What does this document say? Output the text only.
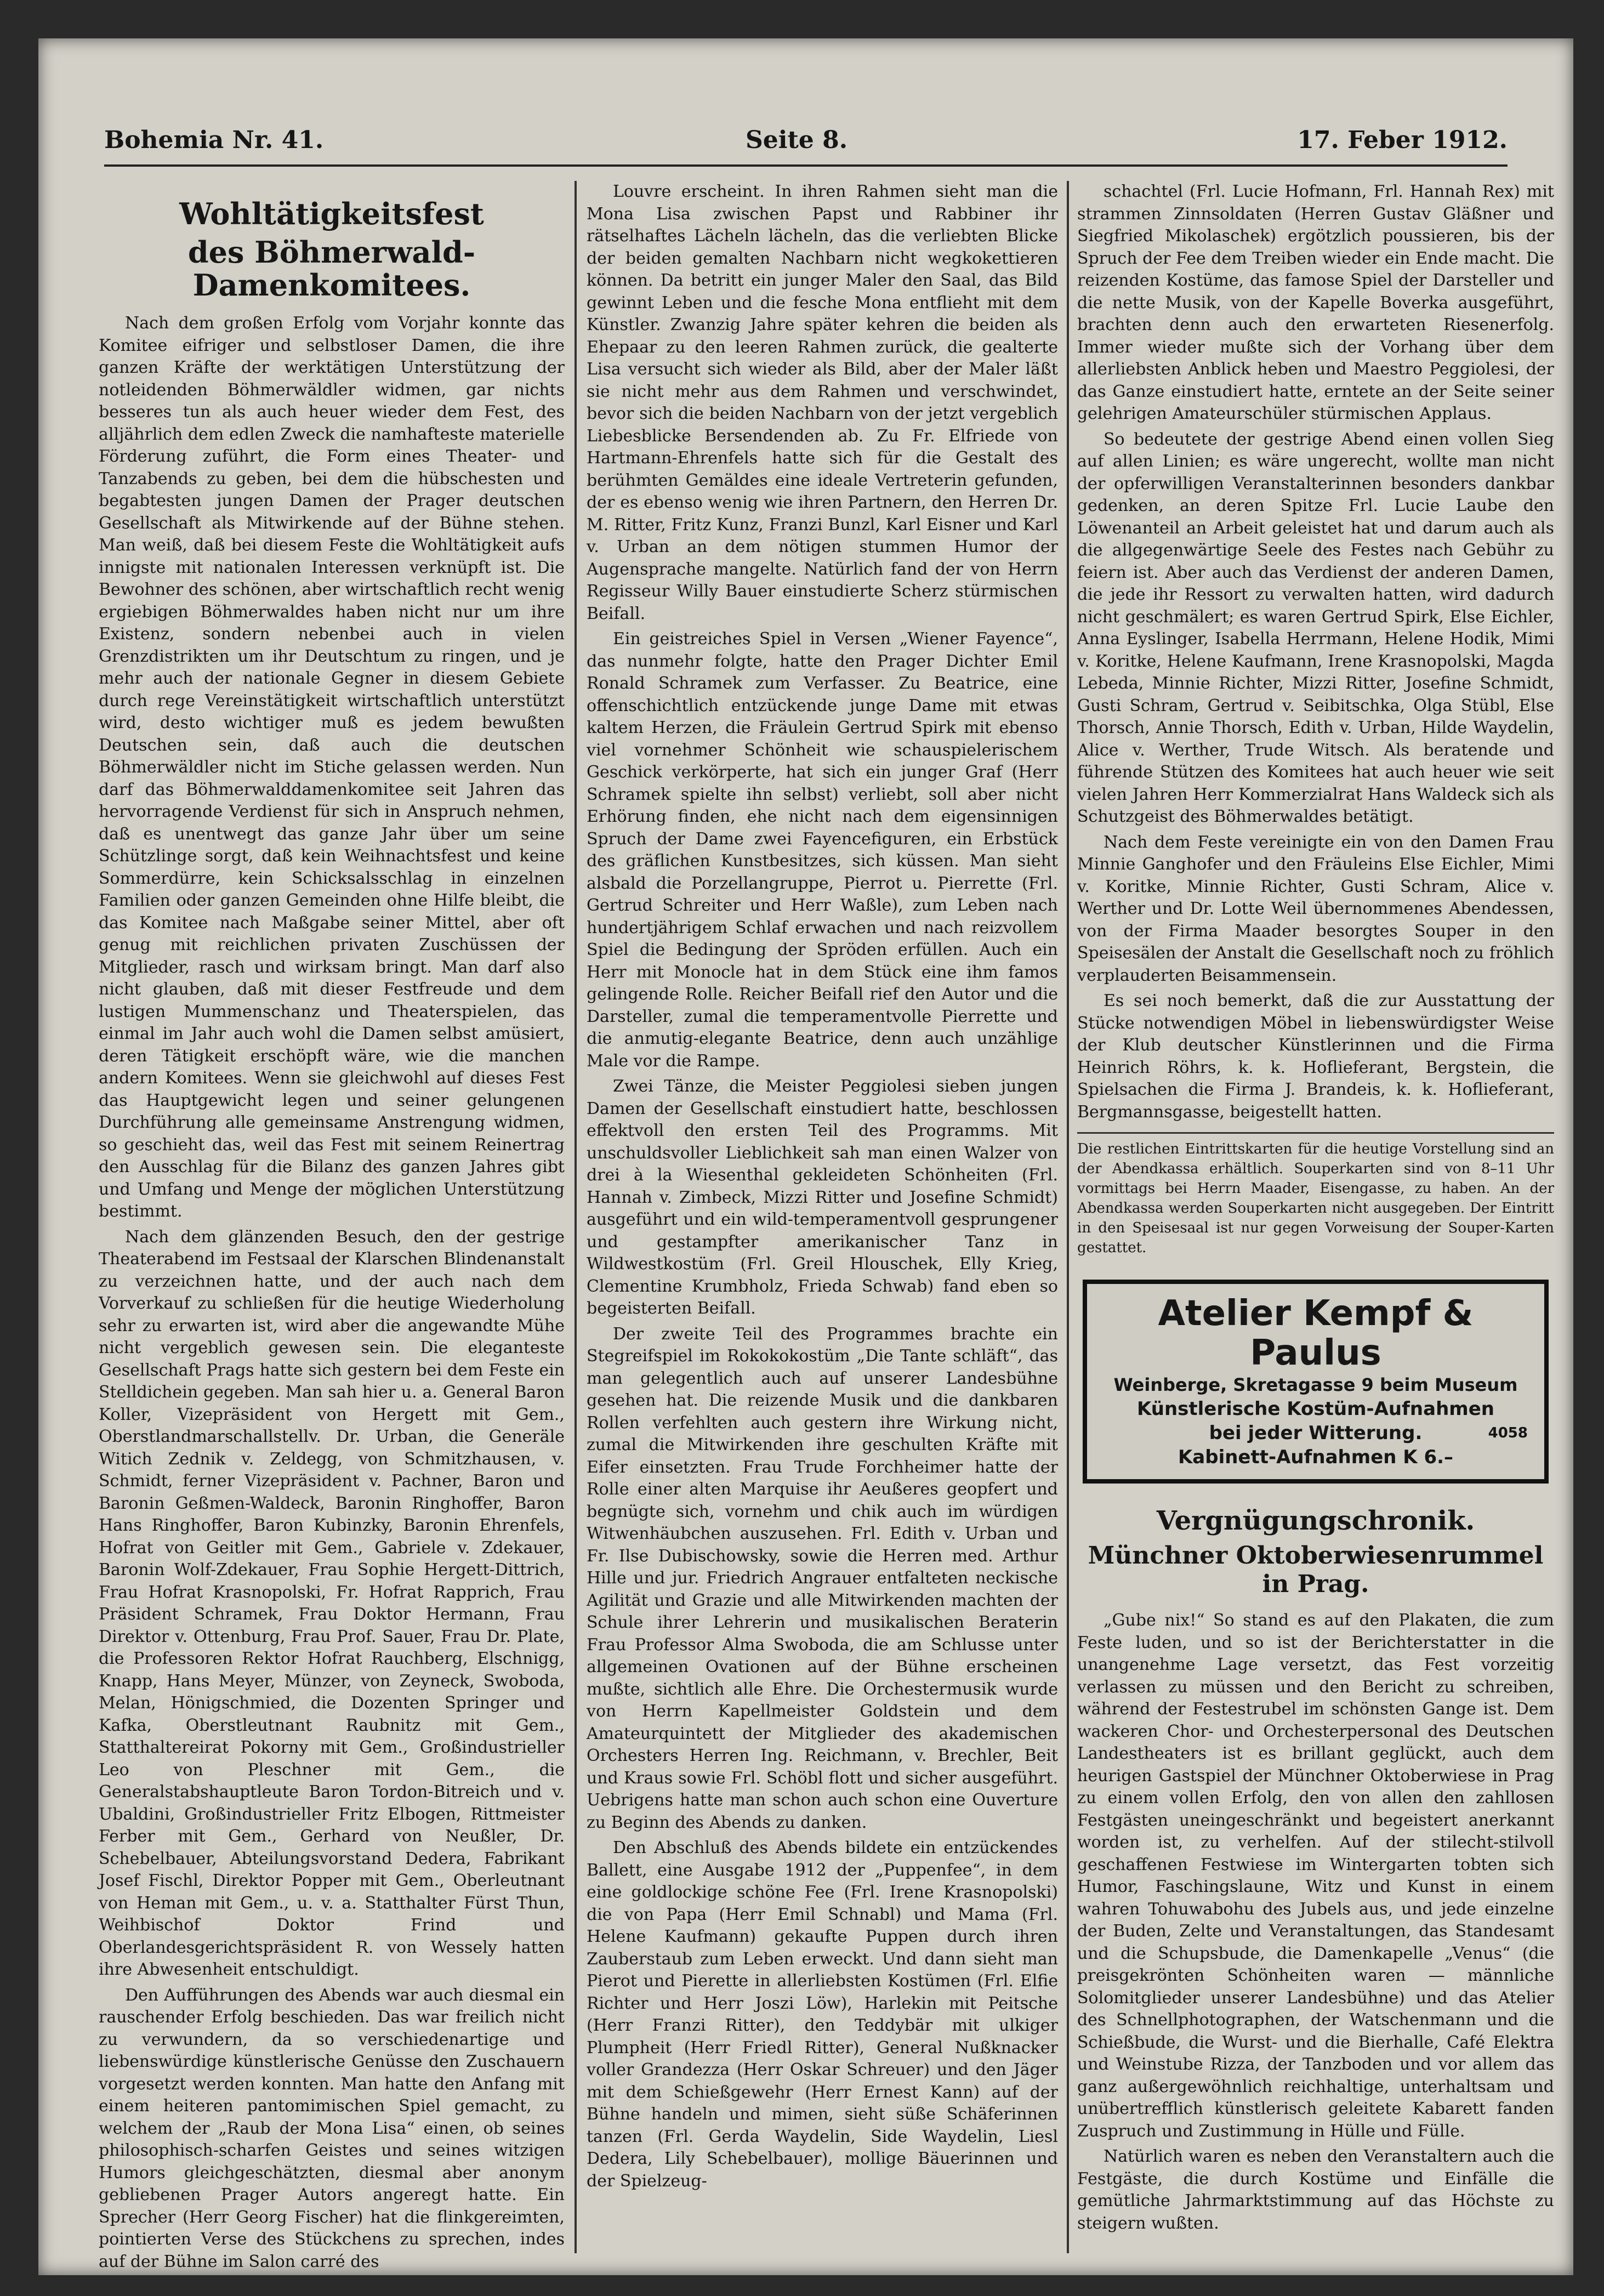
Bohemia Nr. 41.	Seite 8.	17. Feber 1912.
Wohltätigkeitsfest
des Böhmerwald-Damenkomitees.

Nach dem großen Erfolg vom Vorjahr konnte das Komitee eifriger und selbstloser Damen, die ihre ganzen Kräfte der werktätigen Unterstützung der notleidenden Böhmerwäldler widmen, gar nichts besseres tun als auch heuer wieder dem Fest, des alljährlich dem edlen Zweck die namhafteste materielle Förderung zuführt, die Form eines Theater- und Tanzabends zu geben, bei dem die hübschesten und begabtesten jungen Damen der Prager deutschen Gesellschaft als Mitwirkende auf der Bühne stehen. Man weiß, daß bei diesem Feste die Wohltätigkeit aufs innigste mit nationalen Interessen verknüpft ist. Die Bewohner des schönen, aber wirtschaftlich recht wenig ergiebigen Böhmerwaldes haben nicht nur um ihre Existenz, sondern nebenbei auch in vielen Grenzdistrikten um ihr Deutschtum zu ringen, und je mehr auch der nationale Gegner in diesem Gebiete durch rege Vereinstätigkeit wirtschaftlich unterstützt wird, desto wichtiger muß es jedem bewußten Deutschen sein, daß auch die deutschen Böhmerwäldler nicht im Stiche gelassen werden. Nun darf das Böhmerwalddamenkomitee seit Jahren das hervorragende Verdienst für sich in Anspruch nehmen, daß es unentwegt das ganze Jahr über um seine Schützlinge sorgt, daß kein Weihnachtsfest und keine Sommerdürre, kein Schicksalsschlag in einzelnen Familien oder ganzen Gemeinden ohne Hilfe bleibt, die das Komitee nach Maßgabe seiner Mittel, aber oft genug mit reichlichen privaten Zuschüssen der Mitglieder, rasch und wirksam bringt. Man darf also nicht glauben, daß mit dieser Festfreude und dem lustigen Mummenschanz und Theaterspielen, das einmal im Jahr auch wohl die Damen selbst amüsiert, deren Tätigkeit erschöpft wäre, wie die manchen andern Komitees. Wenn sie gleichwohl auf dieses Fest das Hauptgewicht legen und seiner gelungenen Durchführung alle gemeinsame Anstrengung widmen, so geschieht das, weil das Fest mit seinem Reinertrag den Ausschlag für die Bilanz des ganzen Jahres gibt und Umfang und Menge der möglichen Unterstützung bestimmt.

Nach dem glänzenden Besuch, den der gestrige Theaterabend im Festsaal der Klarschen Blindenanstalt zu verzeichnen hatte, und der auch nach dem Vorverkauf zu schließen für die heutige Wiederholung sehr zu erwarten ist, wird aber die angewandte Mühe nicht vergeblich gewesen sein. Die eleganteste Gesellschaft Prags hatte sich gestern bei dem Feste ein Stelldichein gegeben. Man sah hier u. a. General Baron Koller, Vizepräsident von Hergett mit Gem., Oberstlandmarschallstellv. Dr. Urban, die Generäle Witich Zednik v. Zeldegg, von Schmitzhausen, v. Schmidt, ferner Vizepräsident v. Pachner, Baron und Baronin Geßmen-Waldeck, Baronin Ringhoffer, Baron Hans Ringhoffer, Baron Kubinzky, Baronin Ehrenfels, Hofrat von Geitler mit Gem., Gabriele v. Zdekauer, Baronin Wolf-Zdekauer, Frau Sophie Hergett-Dittrich, Frau Hofrat Krasnopolski, Fr. Hofrat Rapprich, Frau Präsident Schramek, Frau Doktor Hermann, Frau Direktor v. Ottenburg, Frau Prof. Sauer, Frau Dr. Plate, die Professoren Rektor Hofrat Rauchberg, Elschnigg, Knapp, Hans Meyer, Münzer, von Zeyneck, Swoboda, Melan, Hönigschmied, die Dozenten Springer und Kafka, Oberstleutnant Raubnitz mit Gem., Statthaltereirat Pokorny mit Gem., Großindustrieller Leo von Pleschner mit Gem., die Generalstabshauptleute Baron Tordon-Bitreich und v. Ubaldini, Großindustrieller Fritz Elbogen, Rittmeister Ferber mit Gem., Gerhard von Neußler, Dr. Schebelbauer, Abteilungsvorstand Dedera, Fabrikant Josef Fischl, Direktor Popper mit Gem., Oberleutnant von Heman mit Gem., u. v. a. Statthalter Fürst Thun, Weihbischof Doktor Frind und Oberlandesgerichtspräsident R. von Wessely hatten ihre Abwesenheit entschuldigt.

Den Aufführungen des Abends war auch diesmal ein rauschender Erfolg beschieden. Das war freilich nicht zu verwundern, da so verschiedenartige und liebenswürdige künstlerische Genüsse den Zuschauern vorgesetzt werden konnten. Man hatte den Anfang mit einem heiteren pantomimischen Spiel gemacht, zu welchem der „Raub der Mona Lisa“ einen, ob seines philosophisch-scharfen Geistes und seines witzigen Humors gleichgeschätzten, diesmal aber anonym gebliebenen Prager Autors angeregt hatte. Ein Sprecher (Herr Georg Fischer) hat die flinkgereimten, pointierten Verse des Stückchens zu sprechen, indes auf der Bühne im Salon carré des

Louvre erscheint. In ihren Rahmen sieht man die Mona Lisa zwischen Papst und Rabbiner ihr rätselhaftes Lächeln lächeln, das die verliebten Blicke der beiden gemalten Nachbarn nicht wegkokettieren können. Da betritt ein junger Maler den Saal, das Bild gewinnt Leben und die fesche Mona entflieht mit dem Künstler. Zwanzig Jahre später kehren die beiden als Ehepaar zu den leeren Rahmen zurück, die gealterte Lisa versucht sich wieder als Bild, aber der Maler läßt sie nicht mehr aus dem Rahmen und verschwindet, bevor sich die beiden Nachbarn von der jetzt vergeblich Liebesblicke Bersendenden ab. Zu Fr. Elfriede von Hartmann-Ehrenfels hatte sich für die Gestalt des berühmten Gemäldes eine ideale Vertreterin gefunden, der es ebenso wenig wie ihren Partnern, den Herren Dr. M. Ritter, Fritz Kunz, Franzi Bunzl, Karl Eisner und Karl v. Urban an dem nötigen stummen Humor der Augensprache mangelte. Natürlich fand der von Herrn Regisseur Willy Bauer einstudierte Scherz stürmischen Beifall.

Ein geistreiches Spiel in Versen „Wiener Fayence“, das nunmehr folgte, hatte den Prager Dichter Emil Ronald Schramek zum Verfasser. Zu Beatrice, eine offenschichtlich entzückende junge Dame mit etwas kaltem Herzen, die Fräulein Gertrud Spirk mit ebenso viel vornehmer Schönheit wie schauspielerischem Geschick verkörperte, hat sich ein junger Graf (Herr Schramek spielte ihn selbst) verliebt, soll aber nicht Erhörung finden, ehe nicht nach dem eigensinnigen Spruch der Dame zwei Fayencefiguren, ein Erbstück des gräflichen Kunstbesitzes, sich küssen. Man sieht alsbald die Porzellangruppe, Pierrot u. Pierrette (Frl. Gertrud Schreiter und Herr Waßle), zum Leben nach hundertjährigem Schlaf erwachen und nach reizvollem Spiel die Bedingung der Spröden erfüllen. Auch ein Herr mit Monocle hat in dem Stück eine ihm famos gelingende Rolle. Reicher Beifall rief den Autor und die Darsteller, zumal die temperamentvolle Pierrette und die anmutig-elegante Beatrice, denn auch unzählige Male vor die Rampe.

Zwei Tänze, die Meister Peggiolesi sieben jungen Damen der Gesellschaft einstudiert hatte, beschlossen effektvoll den ersten Teil des Programms. Mit unschuldsvoller Lieblichkeit sah man einen Walzer von drei à la Wiesenthal gekleideten Schönheiten (Frl. Hannah v. Zimbeck, Mizzi Ritter und Josefine Schmidt) ausgeführt und ein wild-temperamentvoll gesprungener und gestampfter amerikanischer Tanz in Wildwestkostüm (Frl. Greil Hlouschek, Elly Krieg, Clementine Krumbholz, Frieda Schwab) fand eben so begeisterten Beifall.

Der zweite Teil des Programmes brachte ein Stegreifspiel im Rokokokostüm „Die Tante schläft“, das man gelegentlich auch auf unserer Landesbühne gesehen hat. Die reizende Musik und die dankbaren Rollen verfehlten auch gestern ihre Wirkung nicht, zumal die Mitwirkenden ihre geschulten Kräfte mit Eifer einsetzten. Frau Trude Forchheimer hatte der Rolle einer alten Marquise ihr Aeußeres geopfert und begnügte sich, vornehm und chik auch im würdigen Witwenhäubchen auszusehen. Frl. Edith v. Urban und Fr. Ilse Dubischowsky, sowie die Herren med. Arthur Hille und jur. Friedrich Angrauer entfalteten neckische Agilität und Grazie und alle Mitwirkenden machten der Schule ihrer Lehrerin und musikalischen Beraterin Frau Professor Alma Swoboda, die am Schlusse unter allgemeinen Ovationen auf der Bühne erscheinen mußte, sichtlich alle Ehre. Die Orchestermusik wurde von Herrn Kapellmeister Goldstein und dem Amateurquintett der Mitglieder des akademischen Orchesters Herren Ing. Reichmann, v. Brechler, Beit und Kraus sowie Frl. Schöbl flott und sicher ausgeführt. Uebrigens hatte man schon auch schon eine Ouverture zu Beginn des Abends zu danken.

Den Abschluß des Abends bildete ein entzückendes Ballett, eine Ausgabe 1912 der „Puppenfee“, in dem eine goldlockige schöne Fee (Frl. Irene Krasnopolski) die von Papa (Herr Emil Schnabl) und Mama (Frl. Helene Kaufmann) gekaufte Puppen durch ihren Zauberstaub zum Leben erweckt. Und dann sieht man Pierot und Pierette in allerliebsten Kostümen (Frl. Elfie Richter und Herr Joszi Löw), Harlekin mit Peitsche (Herr Franzi Ritter), den Teddybär mit ulkiger Plumpheit (Herr Friedl Ritter), General Nußknacker voller Grandezza (Herr Oskar Schreuer) und den Jäger mit dem Schießgewehr (Herr Ernest Kann) auf der Bühne handeln und mimen, sieht süße Schäferinnen tanzen (Frl. Gerda Waydelin, Side Waydelin, Liesl Dedera, Lily Schebelbauer), mollige Bäuerinnen und der Spielzeug-

schachtel (Frl. Lucie Hofmann, Frl. Hannah Rex) mit strammen Zinnsoldaten (Herren Gustav Gläßner und Siegfried Mikolaschek) ergötzlich poussieren, bis der Spruch der Fee dem Treiben wieder ein Ende macht. Die reizenden Kostüme, das famose Spiel der Darsteller und die nette Musik, von der Kapelle Boverka ausgeführt, brachten denn auch den erwarteten Riesenerfolg. Immer wieder mußte sich der Vorhang über dem allerliebsten Anblick heben und Maestro Peggiolesi, der das Ganze einstudiert hatte, erntete an der Seite seiner gelehrigen Amateurschüler stürmischen Applaus.

So bedeutete der gestrige Abend einen vollen Sieg auf allen Linien; es wäre ungerecht, wollte man nicht der opferwilligen Veranstalterinnen besonders dankbar gedenken, an deren Spitze Frl. Lucie Laube den Löwenanteil an Arbeit geleistet hat und darum auch als die allgegenwärtige Seele des Festes nach Gebühr zu feiern ist. Aber auch das Verdienst der anderen Damen, die jede ihr Ressort zu verwalten hatten, wird dadurch nicht geschmälert; es waren Gertrud Spirk, Else Eichler, Anna Eyslinger, Isabella Herrmann, Helene Hodik, Mimi v. Koritke, Helene Kaufmann, Irene Krasnopolski, Magda Lebeda, Minnie Richter, Mizzi Ritter, Josefine Schmidt, Gusti Schram, Gertrud v. Seibitschka, Olga Stübl, Else Thorsch, Annie Thorsch, Edith v. Urban, Hilde Waydelin, Alice v. Werther, Trude Witsch. Als beratende und führende Stützen des Komitees hat auch heuer wie seit vielen Jahren Herr Kommerzialrat Hans Waldeck sich als Schutzgeist des Böhmerwaldes betätigt.

Nach dem Feste vereinigte ein von den Damen Frau Minnie Ganghofer und den Fräuleins Else Eichler, Mimi v. Koritke, Minnie Richter, Gusti Schram, Alice v. Werther und Dr. Lotte Weil übernommenes Abendessen, von der Firma Maader besorgtes Souper in den Speisesälen der Anstalt die Gesellschaft noch zu fröhlich verplauderten Beisammensein.

Es sei noch bemerkt, daß die zur Ausstattung der Stücke notwendigen Möbel in liebenswürdigster Weise der Klub deutscher Künstlerinnen und die Firma Heinrich Röhrs, k. k. Hoflieferant, Bergstein, die Spielsachen die Firma J. Brandeis, k. k. Hoflieferant, Bergmannsgasse, beigestellt hatten.

Die restlichen Eintrittskarten für die heutige Vorstellung sind an der Abendkassa erhältlich. Souperkarten sind von 8–11 Uhr vormittags bei Herrn Maader, Eisengasse, zu haben. An der Abendkassa werden Souperkarten nicht ausgegeben. Der Eintritt in den Speisesaal ist nur gegen Vorweisung der Souper-Karten gestattet.
Atelier Kempf & Paulus
Weinberge, Skretagasse 9 beim Museum
Künstlerische Kostüm-Aufnahmen
bei jeder Witterung.	4058
Kabinett-Aufnahmen K 6.–
Vergnügungschronik.
Münchner Oktoberwiesenrummel
in Prag.

„Gube nix!“ So stand es auf den Plakaten, die zum Feste luden, und so ist der Berichterstatter in die unangenehme Lage versetzt, das Fest vorzeitig verlassen zu müssen und den Bericht zu schreiben, während der Festestrubel im schönsten Gange ist. Dem wackeren Chor- und Orchesterpersonal des Deutschen Landestheaters ist es brillant geglückt, auch dem heurigen Gastspiel der Münchner Oktoberwiese in Prag zu einem vollen Erfolg, den von allen den zahllosen Festgästen uneingeschränkt und begeistert anerkannt worden ist, zu verhelfen. Auf der stilecht-stilvoll geschaffenen Festwiese im Wintergarten tobten sich Humor, Faschingslaune, Witz und Kunst in einem wahren Tohuwabohu des Jubels aus, und jede einzelne der Buden, Zelte und Veranstaltungen, das Standesamt und die Schupsbude, die Damenkapelle „Venus“ (die preisgekrönten Schönheiten waren — männliche Solomitglieder unserer Landesbühne) und das Atelier des Schnellphotographen, der Watschenmann und die Schießbude, die Wurst- und die Bierhalle, Café Elektra und Weinstube Rizza, der Tanzboden und vor allem das ganz außergewöhnlich reichhaltige, unterhaltsam und unübertrefflich künstlerisch geleitete Kabarett fanden Zuspruch und Zustimmung in Hülle und Fülle.

Natürlich waren es neben den Veranstaltern auch die Festgäste, die durch Kostüme und Einfälle die gemütliche Jahrmarktstimmung auf das Höchste zu steigern wußten.
